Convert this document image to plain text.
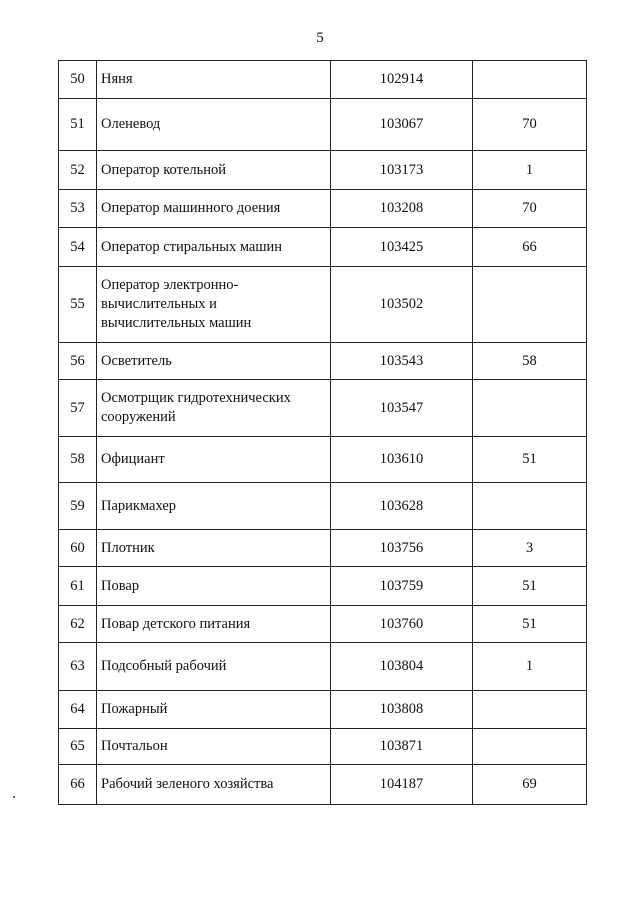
5
50	Няня	102914	
51	Оленевод	103067	70
52	Оператор котельной	103173	1
53	Оператор машинного доения	103208	70
54	Оператор стиральных машин	103425	66
55	Оператор электронно-
вычислительных и
вычислительных машин	103502	
56	Осветитель	103543	58
57	Осмотрщик гидротехнических
сооружений	103547	
58	Официант	103610	51
59	Парикмахер	103628	
60	Плотник	103756	3
61	Повар	103759	51
62	Повар детского питания	103760	51
63	Подсобный рабочий	103804	1
64	Пожарный	103808	
65	Почтальон	103871	
66	Рабочий зеленого хозяйства	104187	69
